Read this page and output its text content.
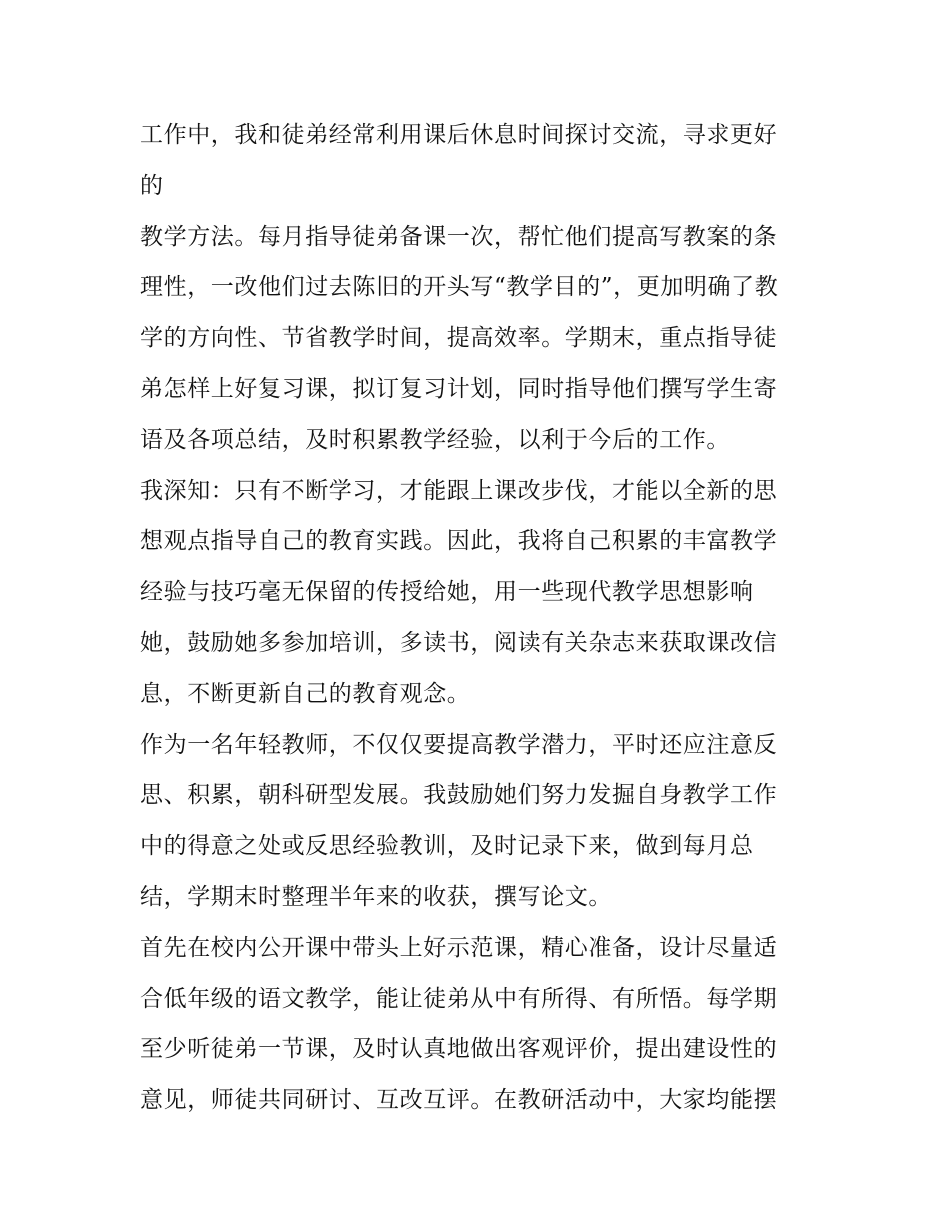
工作中，我和徒弟经常利用课后休息时间探讨交流，寻求更好
的
教学方法。每月指导徒弟备课一次，帮忙他们提高写教案的条
理性，一改他们过去陈旧的开头写“教学目的”，更加明确了教
学的方向性、节省教学时间，提高效率。学期末，重点指导徒
弟怎样上好复习课，拟订复习计划，同时指导他们撰写学生寄
语及各项总结，及时积累教学经验，以利于今后的工作。
我深知：只有不断学习，才能跟上课改步伐，才能以全新的思
想观点指导自己的教育实践。因此，我将自己积累的丰富教学
经验与技巧毫无保留的传授给她，用一些现代教学思想影响
她，鼓励她多参加培训，多读书，阅读有关杂志来获取课改信
息，不断更新自己的教育观念。
作为一名年轻教师，不仅仅要提高教学潜力，平时还应注意反
思、积累，朝科研型发展。我鼓励她们努力发掘自身教学工作
中的得意之处或反思经验教训，及时记录下来，做到每月总
结，学期末时整理半年来的收获，撰写论文。
首先在校内公开课中带头上好示范课，精心准备，设计尽量适
合低年级的语文教学，能让徒弟从中有所得、有所悟。每学期
至少听徒弟一节课，及时认真地做出客观评价，提出建设性的
意见，师徒共同研讨、互改互评。在教研活动中，大家均能摆
